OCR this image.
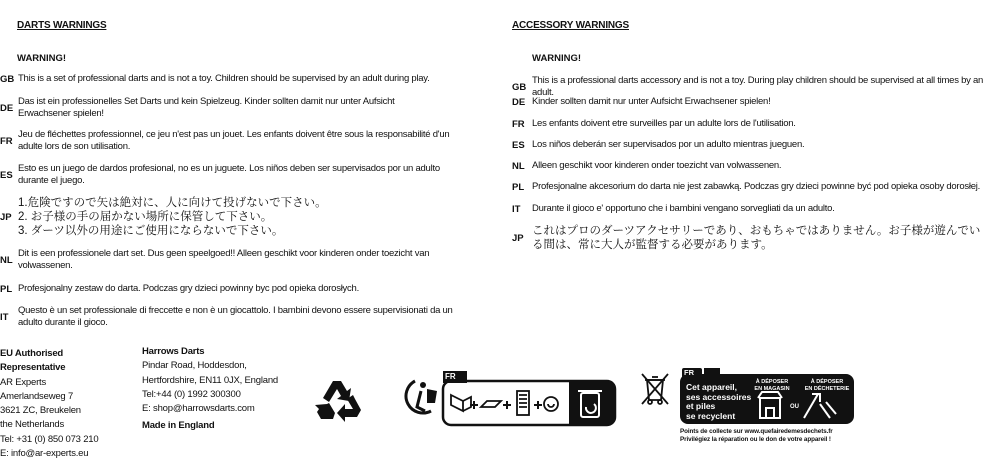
DARTS WARNINGS
WARNING!
GB This is a set of professional darts and is not a toy. Children should be supervised by an adult during play.
DE
Das ist ein professionelles Set Darts und kein Spielzeug. Kinder sollten damit nur unter Aufsicht Erwachsener spielen!
FR
Jeu de fléchettes professionnel, ce jeu n'est pas un jouet. Les enfants doivent être sous la responsabilité d'un adulte lors de son utilisation.
ES
Esto es un juego de dardos profesional, no es un juguete. Los niños deben ser supervisados por un adulto durante el juego.
JP
1.危険ですので矢は絶対に、人に向けて投げないで下さい。
2. お子様の手の届かない場所に保管して下さい。
3. ダーツ以外の用途にご使用にならないで下さい。
NL
Dit is een professionele dart set. Dus geen speelgoed!! Alleen geschikt voor kinderen onder toezicht van volwassenen.
PL Profesjonalny zestaw do darta. Podczas gry dzieci powinny byc pod opieka dorosłych.
IT
Questo è un set professionale di freccette e non è un giocattolo. I bambini devono essere supervisionati da un adulto durante il gioco.
ACCESSORY WARNINGS
WARNING!
GB
This is a professional darts accessory and is not a toy. During play children should be supervised at all times by an adult.
DE Kinder sollten damit nur unter Aufsicht Erwachsener spielen!
FR Les enfants doivent etre surveilles par un adulte lors de l'utilisation.
ES Los niños deberán ser supervisados por un adulto mientras jueguen.
NL Alleen geschikt voor kinderen onder toezicht van volwassenen.
PL Profesjonalne akcesorium do darta nie jest zabawką. Podczas gry dzieci powinne być pod opieka osoby dorosłej.
IT	Durante il gioco e' opportuno che i bambini vengano sorvegliati da un adulto.
JP
これはプロのダーツアクセサリーであり、おもちゃではありません。お子様が遊んでいる間は、常に大人が監督する必要があります。
EU Authorised
Representative
AR Experts
Amerlandseweg 7
3621 ZC, Breukelen
the Netherlands
Tel: +31 (0) 850 073 210
E: info@ar-experts.eu
Harrows Darts
Pindar Road, Hoddesdon,
Hertfordshire, EN11 0JX, England
Tel:+44 (0) 1992 300300
E: shop@harrowsdarts.com
Made in England
FR	FR
Cet appareil,
ses accessoires
et piles
se recyclent
À DÉPOSER
EN MAGASIN
OU
À DÉPOSER
EN DÉCHETERIE
Points de collecte sur www.quefairedemesdechets.fr
Privilégiez la réparation ou le don de votre appareil !
